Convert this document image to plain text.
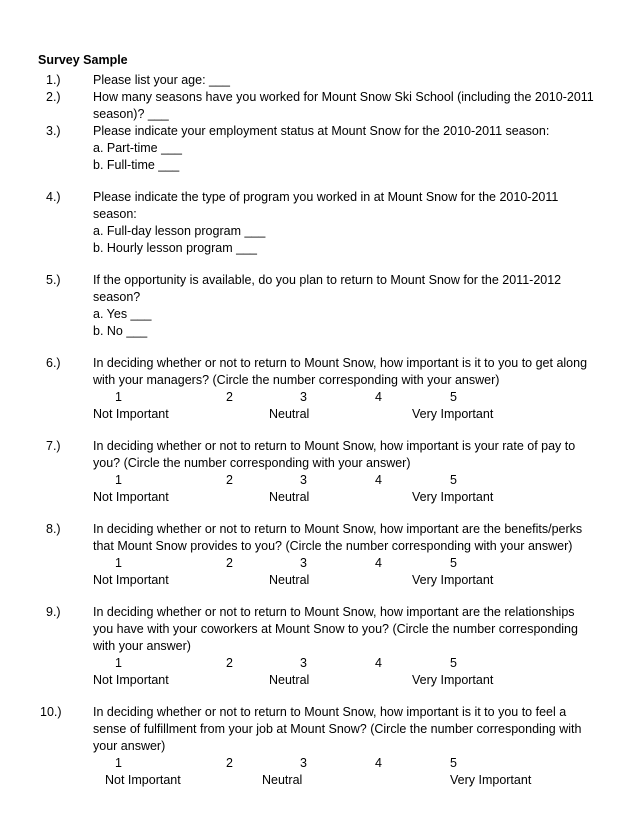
Survey Sample
1.)	Please list your age: ___
2.)	How many seasons have you worked for Mount Snow Ski School (including the 2010-2011
season)? ___
3.)	Please indicate your employment status at Mount Snow for the 2010-2011 season:
a. Part-time ___
b. Full-time ___
4.)	Please indicate the type of program you worked in at Mount Snow for the 2010-2011
season:
a. Full-day lesson program ___
b. Hourly lesson program ___
5.)	If the opportunity is available, do you plan to return to Mount Snow for the 2011-2012
season?
a. Yes ___
b. No ___
6.)	In deciding whether or not to return to Mount Snow, how important is it to you to get along
with your managers? (Circle the number corresponding with your answer)
1	2	3	4	5
Not Important	Neutral	Very Important
7.)	In deciding whether or not to return to Mount Snow, how important is your rate of pay to
you? (Circle the number corresponding with your answer)
1	2	3	4	5
Not Important	Neutral	Very Important
8.)	In deciding whether or not to return to Mount Snow, how important are the benefits/perks
that Mount Snow provides to you? (Circle the number corresponding with your answer)
1	2	3	4	5
Not Important	Neutral	Very Important
9.)	In deciding whether or not to return to Mount Snow, how important are the relationships
you have with your coworkers at Mount Snow to you? (Circle the number corresponding
with your answer)
1	2	3	4	5
Not Important	Neutral	Very Important
10.)	In deciding whether or not to return to Mount Snow, how important is it to you to feel a
sense of fulfillment from your job at Mount Snow? (Circle the number corresponding with
your answer)
1	2	3	4	5
Not Important	Neutral	Very Important
